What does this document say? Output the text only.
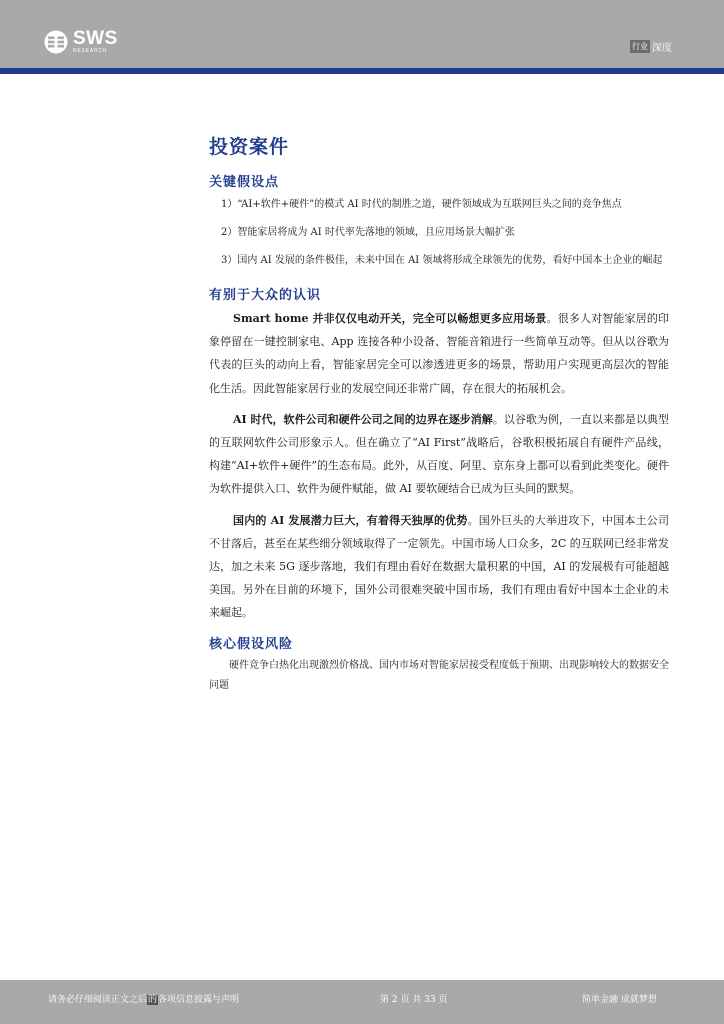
SWS
RESEARCH	行业 深度
投资案件
关键假设点

1）“AI+软件+硬件”的模式 AI 时代的制胜之道，硬件领域成为互联网巨头之间的竞争焦点

2）智能家居将成为 AI 时代率先落地的领域，且应用场景大幅扩张

3）国内 AI 发展的条件极佳，未来中国在 AI 领域将形成全球领先的优势，看好中国本土企业的崛起

有别于大众的认识

Smart home 并非仅仅电动开关，完全可以畅想更多应用场景。很多人对智能家居的印象停留在一键控制家电、App 连接各种小设备、智能音箱进行一些简单互动等。但从以谷歌为代表的巨头的动向上看，智能家居完全可以渗透进更多的场景，帮助用户实现更高层次的智能化生活。因此智能家居行业的发展空间还非常广阔，存在很大的拓展机会。

AI 时代，软件公司和硬件公司之间的边界在逐步消解。以谷歌为例，一直以来都是以典型的互联网软件公司形象示人。但在确立了“AI First”战略后，谷歌积极拓展自有硬件产品线，构建“AI+软件+硬件”的生态布局。此外，从百度、阿里、京东身上都可以看到此类变化。硬件为软件提供入口、软件为硬件赋能，做 AI 要软硬结合已成为巨头间的默契。

国内的 AI 发展潜力巨大，有着得天独厚的优势。国外巨头的大举进攻下，中国本土公司不甘落后，甚至在某些细分领域取得了一定领先。中国市场人口众多，2C 的互联网已经非常发达，加之未来 5G 逐步落地，我们有理由看好在数据大量积累的中国，AI 的发展极有可能超越美国。另外在目前的环境下，国外公司很难突破中国市场，我们有理由看好中国本土企业的未来崛起。

核心假设风险

硬件竞争白热化出现激烈价格战、国内市场对智能家居接受程度低于预期、出现影响较大的数据安全问题

请务必仔细阅读正文之后的各项信息披露与声明	第 2 页 共 33 页	简单金融 成就梦想
